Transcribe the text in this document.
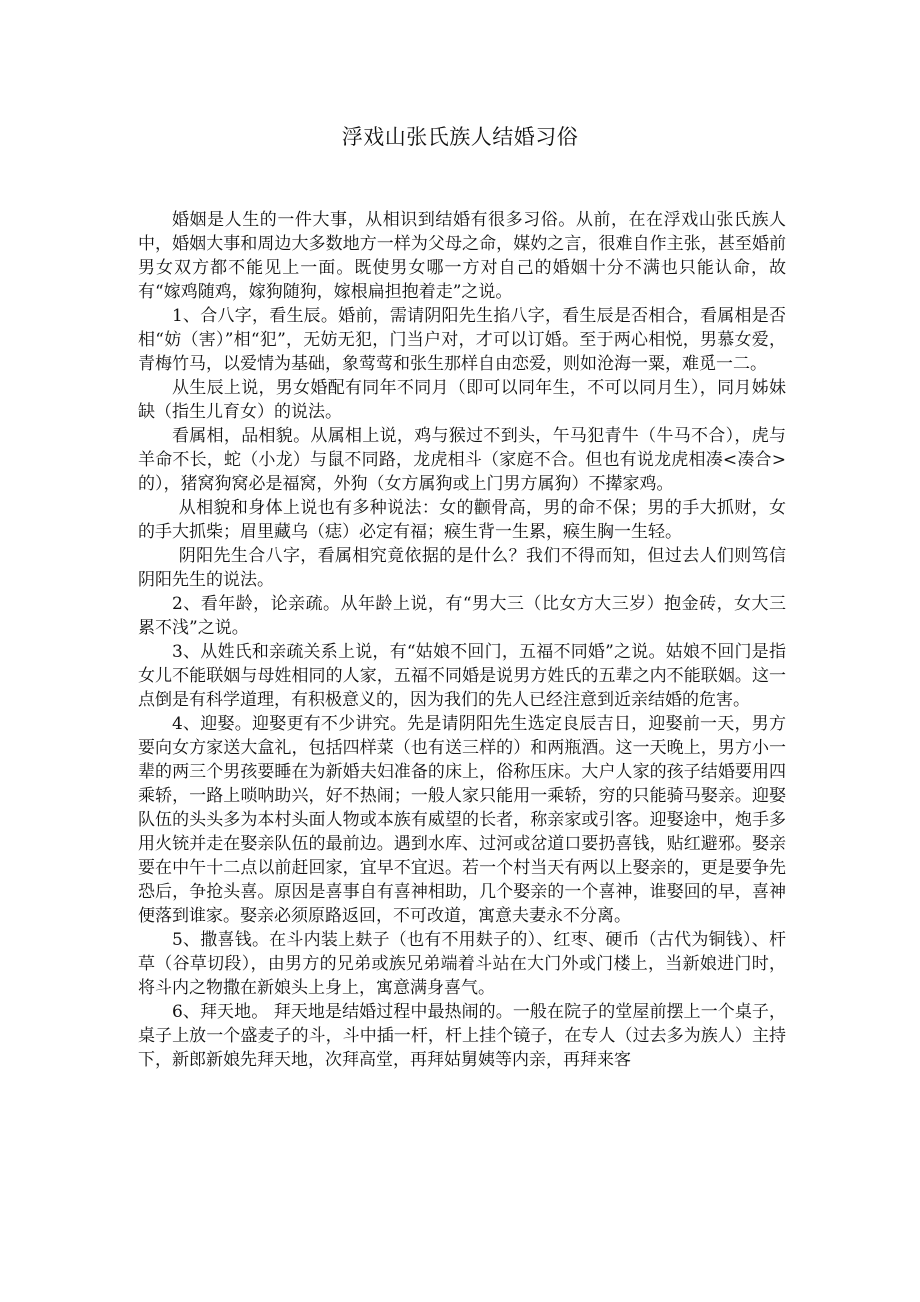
浮戏山张氏族人结婚习俗

婚姻是人生的一件大事，从相识到结婚有很多习俗。从前，在在浮戏山张氏族人中，婚姻大事和周边大多数地方一样为父母之命，媒妁之言，很难自作主张，甚至婚前男女双方都不能见上一面。既使男女哪一方对自己的婚姻十分不满也只能认命，故有“嫁鸡随鸡，嫁狗随狗，嫁根扁担抱着走”之说。

1、合八字，看生辰。婚前，需请阴阳先生掐八字，看生辰是否相合，看属相是否相“妨（害）”相“犯”，无妨无犯，门当户对，才可以订婚。至于两心相悦，男慕女爱，青梅竹马，以爱情为基础，象莺莺和张生那样自由恋爱，则如沧海一粟，难觅一二。

从生辰上说，男女婚配有同年不同月（即可以同年生，不可以同月生），同月姊妹缺（指生儿育女）的说法。

看属相，品相貌。从属相上说，鸡与猴过不到头，午马犯青牛（牛马不合），虎与羊命不长，蛇（小龙）与鼠不同路，龙虎相斗（家庭不合。但也有说龙虎相凑<凑合>的），猪窝狗窝必是福窝，外狗（女方属狗或上门男方属狗）不撵家鸡。

从相貌和身体上说也有多种说法：女的颧骨高，男的命不保；男的手大抓财，女的手大抓柴；眉里藏乌（痣）必定有福；瘊生背一生累，瘊生胸一生轻。

阴阳先生合八字，看属相究竟依据的是什么？我们不得而知，但过去人们则笃信阴阳先生的说法。

2、看年龄，论亲疏。从年龄上说，有“男大三（比女方大三岁）抱金砖，女大三累不浅”之说。

3、从姓氏和亲疏关系上说，有“姑娘不回门，五福不同婚”之说。姑娘不回门是指女儿不能联姻与母姓相同的人家，五福不同婚是说男方姓氏的五辈之内不能联姻。这一点倒是有科学道理，有积极意义的，因为我们的先人已经注意到近亲结婚的危害。

4、迎娶。迎娶更有不少讲究。先是请阴阳先生选定良辰吉日，迎娶前一天，男方要向女方家送大盒礼，包括四样菜（也有送三样的）和两瓶酒。这一天晚上，男方小一辈的两三个男孩要睡在为新婚夫妇准备的床上，俗称压床。大户人家的孩子结婚要用四乘轿，一路上唢呐助兴，好不热闹；一般人家只能用一乘轿，穷的只能骑马娶亲。迎娶队伍的头头多为本村头面人物或本族有威望的长者，称亲家或引客。迎娶途中，炮手多用火铳并走在娶亲队伍的最前边。遇到水库、过河或岔道口要扔喜钱，贴红避邪。娶亲要在中午十二点以前赶回家，宜早不宜迟。若一个村当天有两以上娶亲的，更是要争先恐后，争抢头喜。原因是喜事自有喜神相助，几个娶亲的一个喜神，谁娶回的早，喜神便落到谁家。娶亲必须原路返回，不可改道，寓意夫妻永不分离。

5、撒喜钱。在斗内装上麸子（也有不用麸子的）、红枣、硬币（古代为铜钱）、杆草（谷草切段），由男方的兄弟或族兄弟端着斗站在大门外或门楼上，当新娘进门时，将斗内之物撒在新娘头上身上，寓意满身喜气。

6、拜天地。 拜天地是结婚过程中最热闹的。一般在院子的堂屋前摆上一个桌子，桌子上放一个盛麦子的斗，斗中插一杆，杆上挂个镜子，在专人（过去多为族人）主持下，新郎新娘先拜天地，次拜高堂，再拜姑舅姨等内亲，再拜来客
